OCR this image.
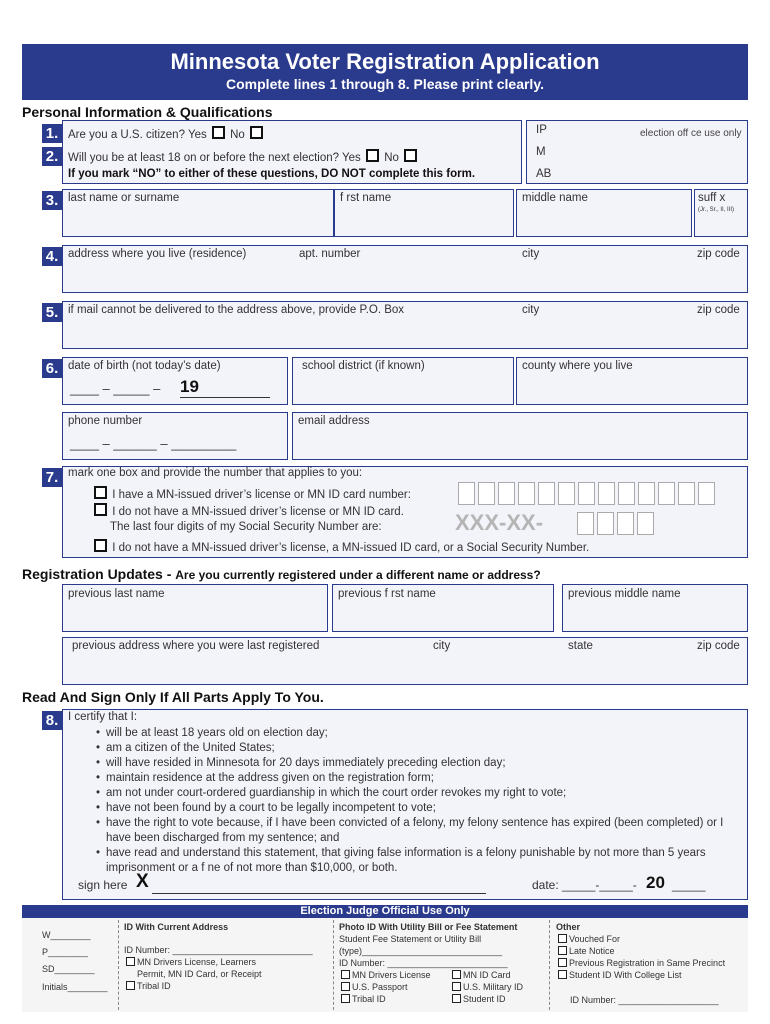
Minnesota Voter Registration Application
Complete lines 1 through 8. Please print clearly.
Personal Information & Qualifications
1. Are you a U.S. citizen? Yes No
2. Will you be at least 18 on or before the next election? Yes No
If you mark “NO” to either of these questions, DO NOT complete this form.
IP
M
AB
election off ce use only
3. last name or surname	f rst name	middle name	suff x
(Jr., Sr., II, III)
4. address where you live (residence)	apt. number	city	zip code
5. if mail cannot be delivered to the address above, provide P.O. Box	city	zip code
6. date of birth (not today’s date)
____ – _____ – 19
school district (if known)	county where you live
phone number
____ – ______ – _________
email address
7. mark one box and provide the number that applies to you:
I have a MN-issued driver’s license or MN ID card number:
I do not have a MN-issued driver’s license or MN ID card.
The last four digits of my Social Security Number are:	XXX-XX-
I do not have a MN-issued driver’s license, a MN-issued ID card, or a Social Security Number.
Registration Updates - Are you currently registered under a different name or address?
previous last name	previous f rst name	previous middle name
previous address where you were last registered	city	state	zip code
Read And Sign Only If All Parts Apply To You.
8. I certify that I:
• will be at least 18 years old on election day;
• am a citizen of the United States;
• will have resided in Minnesota for 20 days immediately preceding election day;
• maintain residence at the address given on the registration form;
• am not under court-ordered guardianship in which the court order revokes my right to vote;
• have not been found by a court to be legally incompetent to vote;
• have the right to vote because, if I have been convicted of a felony, my felony sentence has expired (been completed) or I have been discharged from my sentence; and
• have read and understand this statement, that giving false information is a felony punishable by not more than 5 years imprisonment or a f ne of not more than $10,000, or both.
sign here X	date: _____-_____- 20 _____
Election Judge Official Use Only
W________
P________
SD________
Initials________
ID With Current Address
ID Number: ____________________________
MN Drivers License, Learners
Permit, MN ID Card, or Receipt
Tribal ID
Photo ID With Utility Bill or Fee Statement
Student Fee Statement or Utility Bill
(type)____________________________
ID Number: ________________________
MN Drivers License	MN ID Card
U.S. Passport	U.S. Military ID
Tribal ID	Student ID
Other
Vouched For
Late Notice
Previous Registration in Same Precinct
Student ID With College List
ID Number: ____________________
